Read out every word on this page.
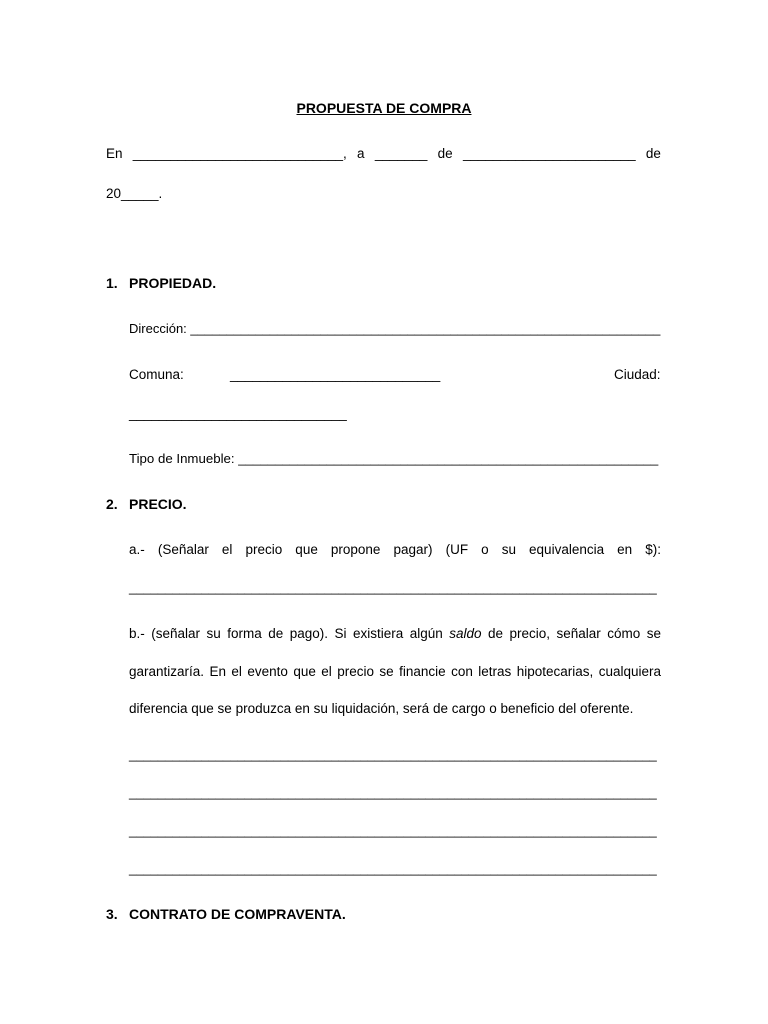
PROPUESTA DE COMPRA
En ____________________________, a _______ de _______________________ de
20_____.
1. PROPIEDAD.
Dirección: _________________________________________________________________
Comuna:	____________________________	Ciudad:
_____________________________
Tipo de Inmueble: _________________________________________________________
2. PRECIO.
a.- (Señalar el precio que propone pagar) (UF o su equivalencia en $):
_________________________________________________________________________
b.- (señalar su forma de pago). Si existiera algún saldo de precio, señalar cómo se
garantizaría. En el evento que el precio se financie con letras hipotecarias, cualquiera
diferencia que se produzca en su liquidación, será de cargo o beneficio del oferente.
_________________________________________________________________________
_________________________________________________________________________
_________________________________________________________________________
_________________________________________________________________________
3. CONTRATO DE COMPRAVENTA.
